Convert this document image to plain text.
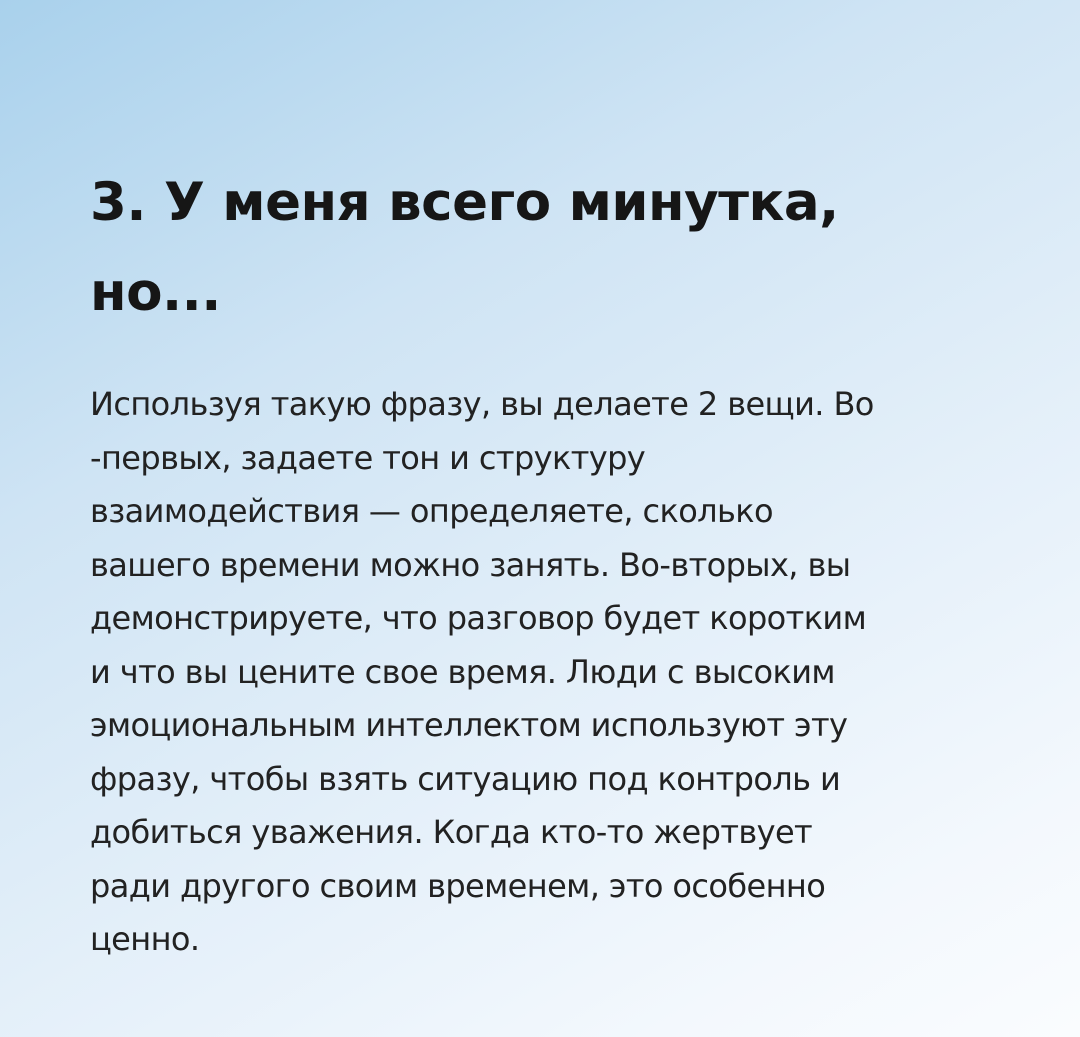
3. У меня всего минутка,
но...
Используя такую фразу, вы делаете 2 вещи. Во
-первых, задаете тон и структуру
взаимодействия — определяете, сколько
вашего времени можно занять. Во-вторых, вы
демонстрируете, что разговор будет коротким
и что вы цените свое время. Люди с высоким
эмоциональным интеллектом используют эту
фразу, чтобы взять ситуацию под контроль и
добиться уважения. Когда кто-то жертвует
ради другого своим временем, это особенно
ценно.
